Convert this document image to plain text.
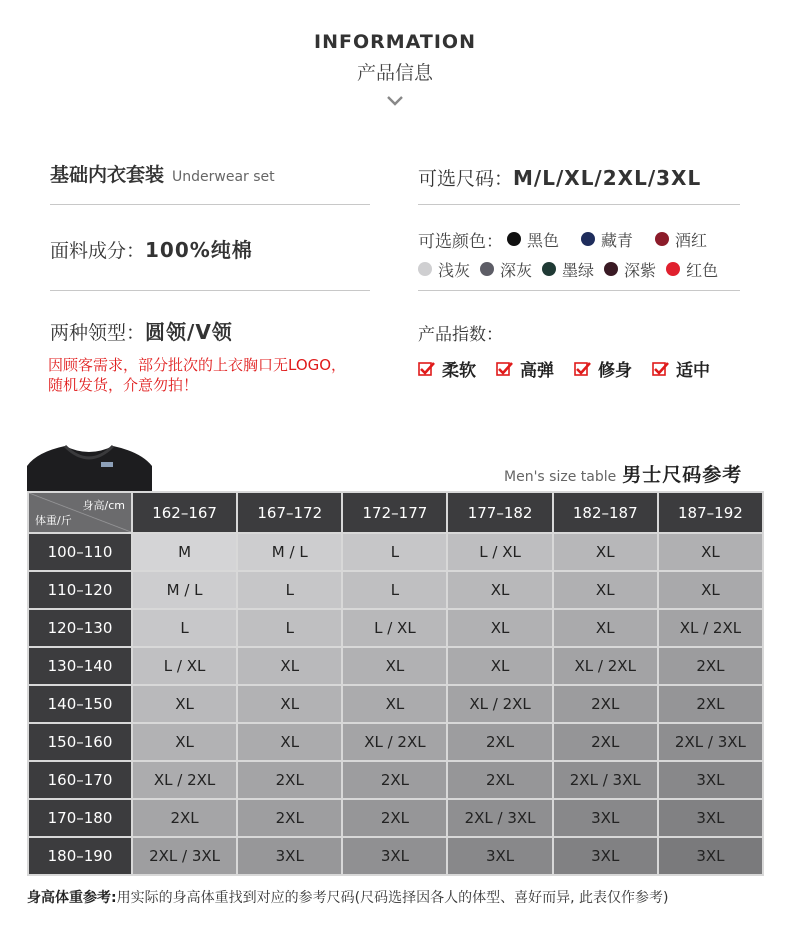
INFORMATION
产品信息
基础内衣套装 Underwear set
面料成分：100%纯棉
两种领型：圆领/V领
因顾客需求，部分批次的上衣胸口无LOGO，随机发货，介意勿拍！
可选尺码：M/L/XL/2XL/3XL
可选颜色： 黑色	藏青	酒红
浅灰 深灰 墨绿 深紫 红色
产品指数：
柔软	高弹	修身	适中
Men's size table 男士尺码参考
身高/cm
体重/斤	162–167	167–172	172–177	177–182	182–187	187–192
100–110	M	M / L	L	L / XL	XL	XL
110–120	M / L	L	L	XL	XL	XL
120–130	L	L	L / XL	XL	XL	XL / 2XL
130–140	L / XL	XL	XL	XL	XL / 2XL	2XL
140–150	XL	XL	XL	XL / 2XL	2XL	2XL
150–160	XL	XL	XL / 2XL	2XL	2XL	2XL / 3XL
160–170	XL / 2XL	2XL	2XL	2XL	2XL / 3XL	3XL
170–180	2XL	2XL	2XL	2XL / 3XL	3XL	3XL
180–190	2XL / 3XL	3XL	3XL	3XL	3XL	3XL
身高体重参考:用实际的身高体重找到对应的参考尺码(尺码选择因各人的体型、喜好而异, 此表仅作参考)
